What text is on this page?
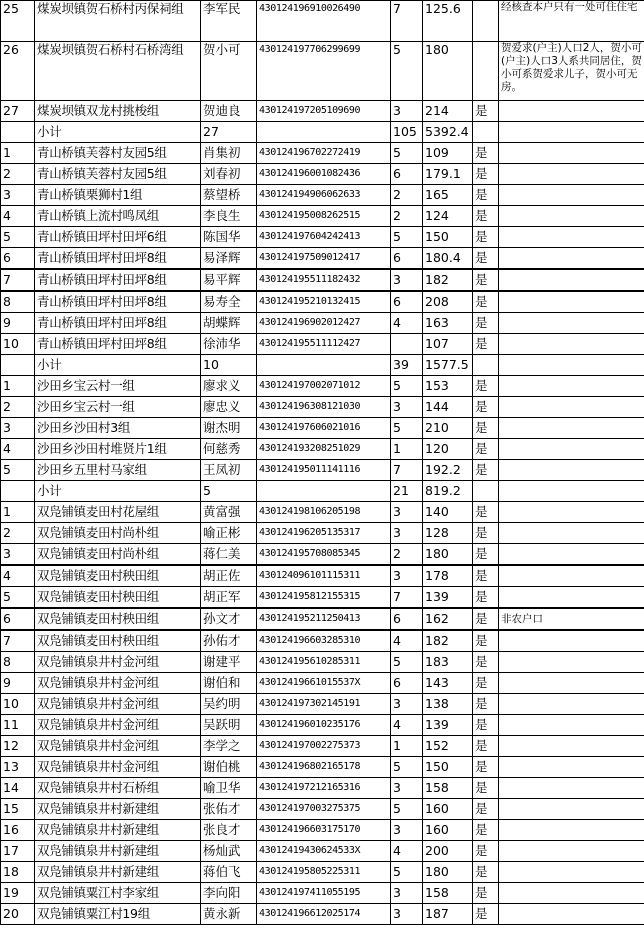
25	煤炭坝镇贺石桥村丙保祠组	李军民	430124196910026490	7	125.6		经核查本户只有一处可住住宅
26	煤炭坝镇贺石桥村石桥湾组	贺小可	430124197706299699	5	180		贺爱求(户主)人口2人，贺小可(户主)人口3人系共同居住，贺小可系贺爱求儿子，贺小可无房。
27	煤炭坝镇双龙村挑梭组	贺迪良	430124197205109690	3	214	是	
	小计	27		105	5392.4		
1	青山桥镇芙蓉村友园5组	肖集初	430124196702272419	5	109	是	
2	青山桥镇芙蓉村友园5组	刘春初	430124196001082436	6	179.1	是	
3	青山桥镇栗狮村1组	蔡望桥	430124194906062633	2	165	是	
4	青山桥镇上流村鸣凤组	李良生	430124195008262515	2	124	是	
5	青山桥镇田坪村田坪6组	陈国华	430124197604242413	5	150	是	
6	青山桥镇田坪村田坪8组	易泽辉	430124197509012417	6	180.4	是	
7	青山桥镇田坪村田坪8组	易平辉	430124195511182432	3	182	是	
8	青山桥镇田坪村田坪8组	易寿全	430124195210132415	6	208	是	
9	青山桥镇田坪村田坪8组	胡蝶辉	430124196902012427	4	163	是	
10	青山桥镇田坪村田坪8组	徐沛华	430124195511112427		107	是	
	小计	10		39	1577.5		
1	沙田乡宝云村一组	廖求义	430124197002071012	5	153	是	
2	沙田乡宝云村一组	廖忠义	430124196308121030	3	144	是	
3	沙田乡沙田村3组	谢杰明	430124197606021016	5	210	是	
4	沙田乡沙田村堆贤片1组	何慈秀	430124193208251029	1	120	是	
5	沙田乡五里村马家组	王凤初	430124195011141116	7	192.2	是	
	小计	5		21	819.2		
1	双凫铺镇麦田村花屋组	黄富强	430124198106205198	3	140	是	
2	双凫铺镇麦田村尚朴组	喻正彬	430124196205135317	3	128	是	
3	双凫铺镇麦田村尚朴组	蒋仁美	430124195708085345	2	180	是	
4	双凫铺镇麦田村秧田组	胡正佐	430124096101115311	3	178	是	
5	双凫铺镇麦田村秧田组	胡正军	430124195812155315	7	139	是	
6	双凫铺镇麦田村秧田组	孙文才	430124195211250413	6	162	是	非农户口
7	双凫铺镇麦田村秧田组	孙佑才	430124196603285310	4	182	是	
8	双凫铺镇泉井村金河组	谢建平	430124195610285311	5	183	是	
9	双凫铺镇泉井村金河组	谢伯和	43012419661015537X	6	143	是	
10	双凫铺镇泉井村金河组	吴约明	430124197302145191	3	138	是	
11	双凫铺镇泉井村金河组	吴跃明	430124196010235176	4	139	是	
12	双凫铺镇泉井村金河组	李学之	430124197002275373	1	152	是	
13	双凫铺镇泉井村金河组	谢伯桃	430124196802165178	5	150	是	
14	双凫铺镇泉井村石桥组	喻卫华	430124197212165316	3	158	是	
15	双凫铺镇泉井村新建组	张佑才	430124197003275375	5	160	是	
16	双凫铺镇泉井村新建组	张良才	430124196603175170	3	160	是	
17	双凫铺镇泉井村新建组	杨灿武	43012419430624533X	4	200	是	
18	双凫铺镇泉井村新建组	蒋伯飞	430124195805225311	5	180	是	
19	双凫铺镇粟江村李家组	李向阳	430124197411055195	3	158	是	
20	双凫铺镇粟江村19组	黄永新	430124196612025174	3	187	是	
